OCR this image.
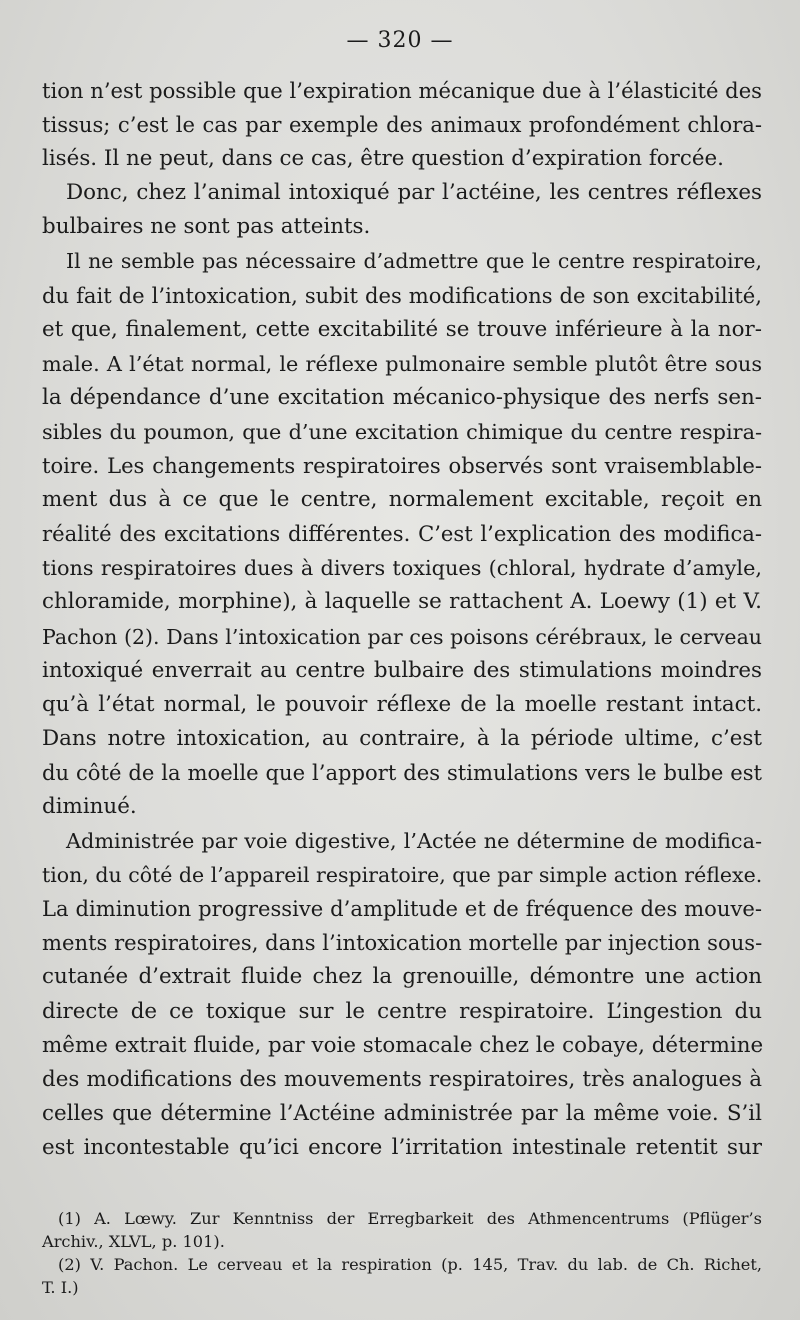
— 320 —
tion n’est possible que l’expiration mécanique due à l’élasticité des
tissus; c’est le cas par exemple des animaux profondément chlora-
lisés. Il ne peut, dans ce cas, être question d’expiration forcée.
Donc, chez l’animal intoxiqué par l’actéine, les centres réflexes
bulbaires ne sont pas atteints.
Il ne semble pas nécessaire d’admettre que le centre respiratoire,
du fait de l’intoxication, subit des modifications de son excitabilité,
et que, finalement, cette excitabilité se trouve inférieure à la nor-
male. A l’état normal, le réflexe pulmonaire semble plutôt être sous
la dépendance d’une excitation mécanico-physique des nerfs sen-
sibles du poumon, que d’une excitation chimique du centre respira-
toire. Les changements respiratoires observés sont vraisemblable-
ment dus à ce que le centre, normalement excitable, reçoit en
réalité des excitations différentes. C’est l’explication des modifica-
tions respiratoires dues à divers toxiques (chloral, hydrate d’amyle,
chloramide, morphine), à laquelle se rattachent A. Loewy (1) et V.
Pachon (2). Dans l’intoxication par ces poisons cérébraux, le cerveau
intoxiqué enverrait au centre bulbaire des stimulations moindres
qu’à l’état normal, le pouvoir réflexe de la moelle restant intact.
Dans notre intoxication, au contraire, à la période ultime, c’est
du côté de la moelle que l’apport des stimulations vers le bulbe est
diminué.
Administrée par voie digestive, l’Actée ne détermine de modifica-
tion, du côté de l’appareil respiratoire, que par simple action réflexe.
La diminution progressive d’amplitude et de fréquence des mouve-
ments respiratoires, dans l’intoxication mortelle par injection sous-
cutanée d’extrait fluide chez la grenouille, démontre une action
directe de ce toxique sur le centre respiratoire. L’ingestion du
même extrait fluide, par voie stomacale chez le cobaye, détermine
des modifications des mouvements respiratoires, très analogues à
celles que détermine l’Actéine administrée par la même voie. S’il
est incontestable qu’ici encore l’irritation intestinale retentit sur
(1) A. Lœwy. Zur Kenntniss der Erregbarkeit des Athmencentrums (Pflüger’s
Archiv., XLVL, p. 101).
(2) V. Pachon. Le cerveau et la respiration (p. 145, Trav. du lab. de Ch. Richet,
T. I.)
